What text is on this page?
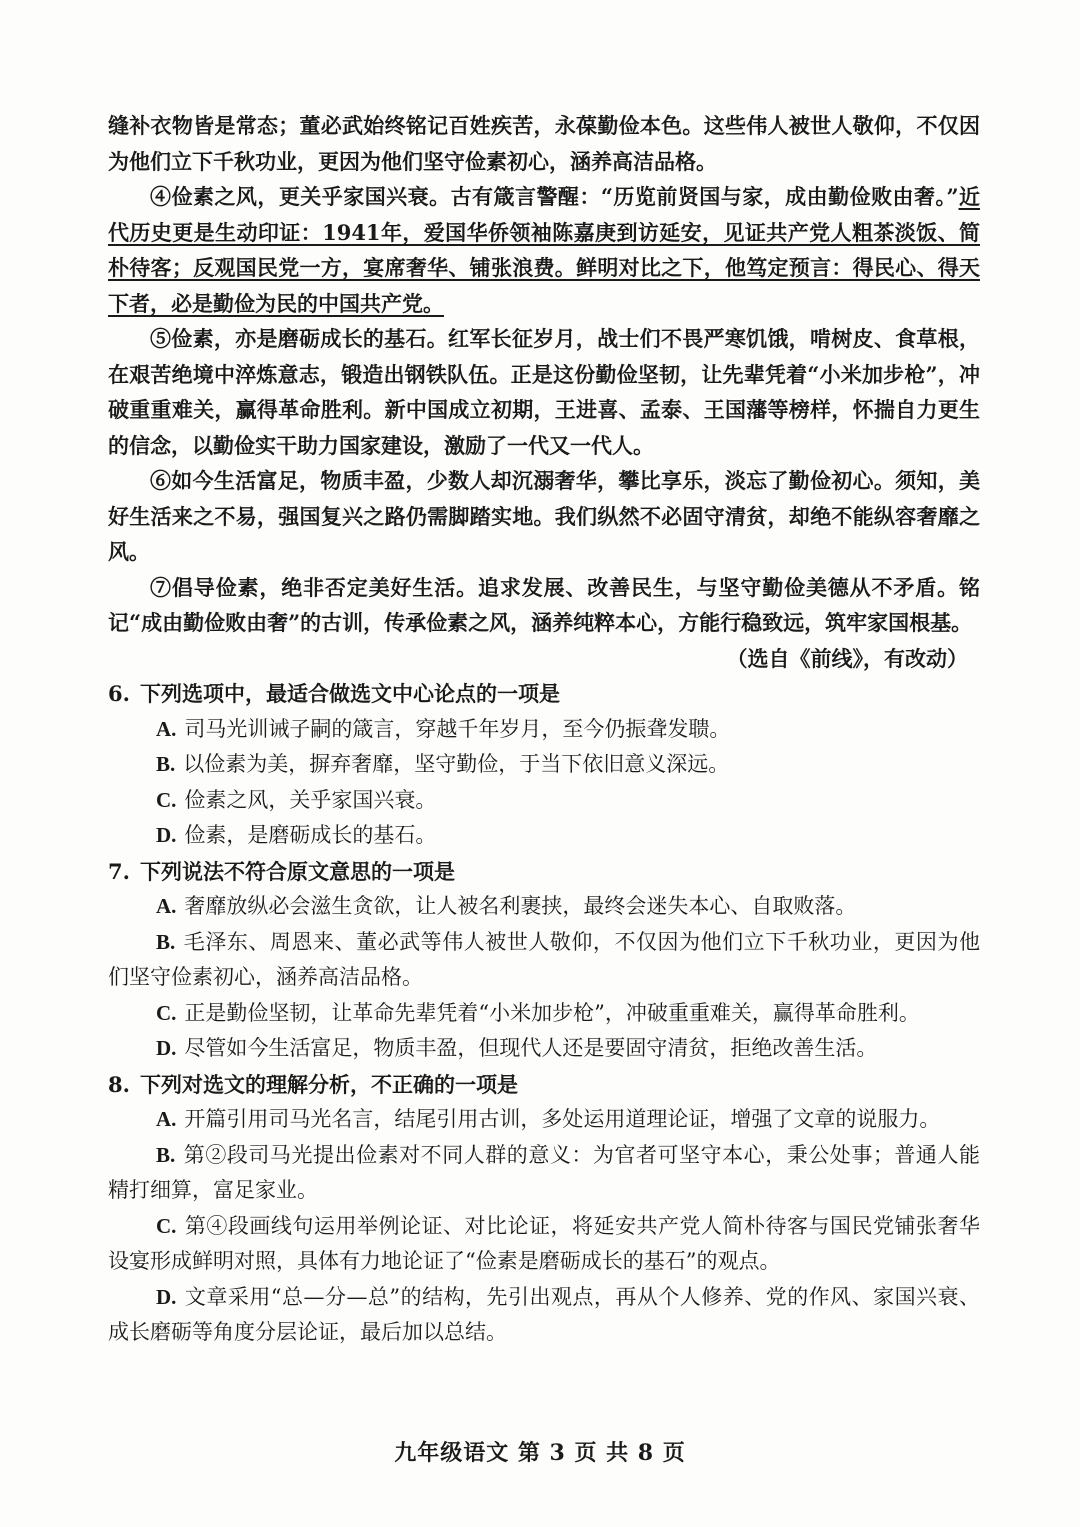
缝补衣物皆是常态；董必武始终铭记百姓疾苦，永葆勤俭本色。这些伟人被世人敬仰，不仅因为他们立下千秋功业，更因为他们坚守俭素初心，涵养高洁品格。

④俭素之风，更关乎家国兴衰。古有箴言警醒：“历览前贤国与家，成由勤俭败由奢。”近代历史更是生动印证：1941年，爱国华侨领袖陈嘉庚到访延安，见证共产党人粗茶淡饭、简朴待客；反观国民党一方，宴席奢华、铺张浪费。鲜明对比之下，他笃定预言：得民心、得天下者，必是勤俭为民的中国共产党。

⑤俭素，亦是磨砺成长的基石。红军长征岁月，战士们不畏严寒饥饿，啃树皮、食草根，在艰苦绝境中淬炼意志，锻造出钢铁队伍。正是这份勤俭坚韧，让先辈凭着“小米加步枪”，冲破重重难关，赢得革命胜利。新中国成立初期，王进喜、孟泰、王国藩等榜样，怀揣自力更生的信念，以勤俭实干助力国家建设，激励了一代又一代人。

⑥如今生活富足，物质丰盈，少数人却沉溺奢华，攀比享乐，淡忘了勤俭初心。须知，美好生活来之不易，强国复兴之路仍需脚踏实地。我们纵然不必固守清贫，却绝不能纵容奢靡之风。

⑦倡导俭素，绝非否定美好生活。追求发展、改善民生，与坚守勤俭美德从不矛盾。铭记“成由勤俭败由奢”的古训，传承俭素之风，涵养纯粹本心，方能行稳致远，筑牢家国根基。

（选自《前线》，有改动）

6. 下列选项中，最适合做选文中心论点的一项是

A. 司马光训诫子嗣的箴言，穿越千年岁月，至今仍振聋发聩。

B. 以俭素为美，摒弃奢靡，坚守勤俭，于当下依旧意义深远。

C. 俭素之风，关乎家国兴衰。

D. 俭素，是磨砺成长的基石。

7. 下列说法不符合原文意思的一项是

A. 奢靡放纵必会滋生贪欲，让人被名利裹挟，最终会迷失本心、自取败落。

B. 毛泽东、周恩来、董必武等伟人被世人敬仰，不仅因为他们立下千秋功业，更因为他们坚守俭素初心，涵养高洁品格。

C. 正是勤俭坚韧，让革命先辈凭着“小米加步枪”，冲破重重难关，赢得革命胜利。

D. 尽管如今生活富足，物质丰盈，但现代人还是要固守清贫，拒绝改善生活。

8. 下列对选文的理解分析，不正确的一项是

A. 开篇引用司马光名言，结尾引用古训，多处运用道理论证，增强了文章的说服力。

B. 第②段司马光提出俭素对不同人群的意义：为官者可坚守本心，秉公处事；普通人能精打细算，富足家业。

C. 第④段画线句运用举例论证、对比论证，将延安共产党人简朴待客与国民党铺张奢华设宴形成鲜明对照，具体有力地论证了“俭素是磨砺成长的基石”的观点。

D. 文章采用“总—分—总”的结构，先引出观点，再从个人修养、党的作风、家国兴衰、成长磨砺等角度分层论证，最后加以总结。

九年级语文 第 3 页 共 8 页
